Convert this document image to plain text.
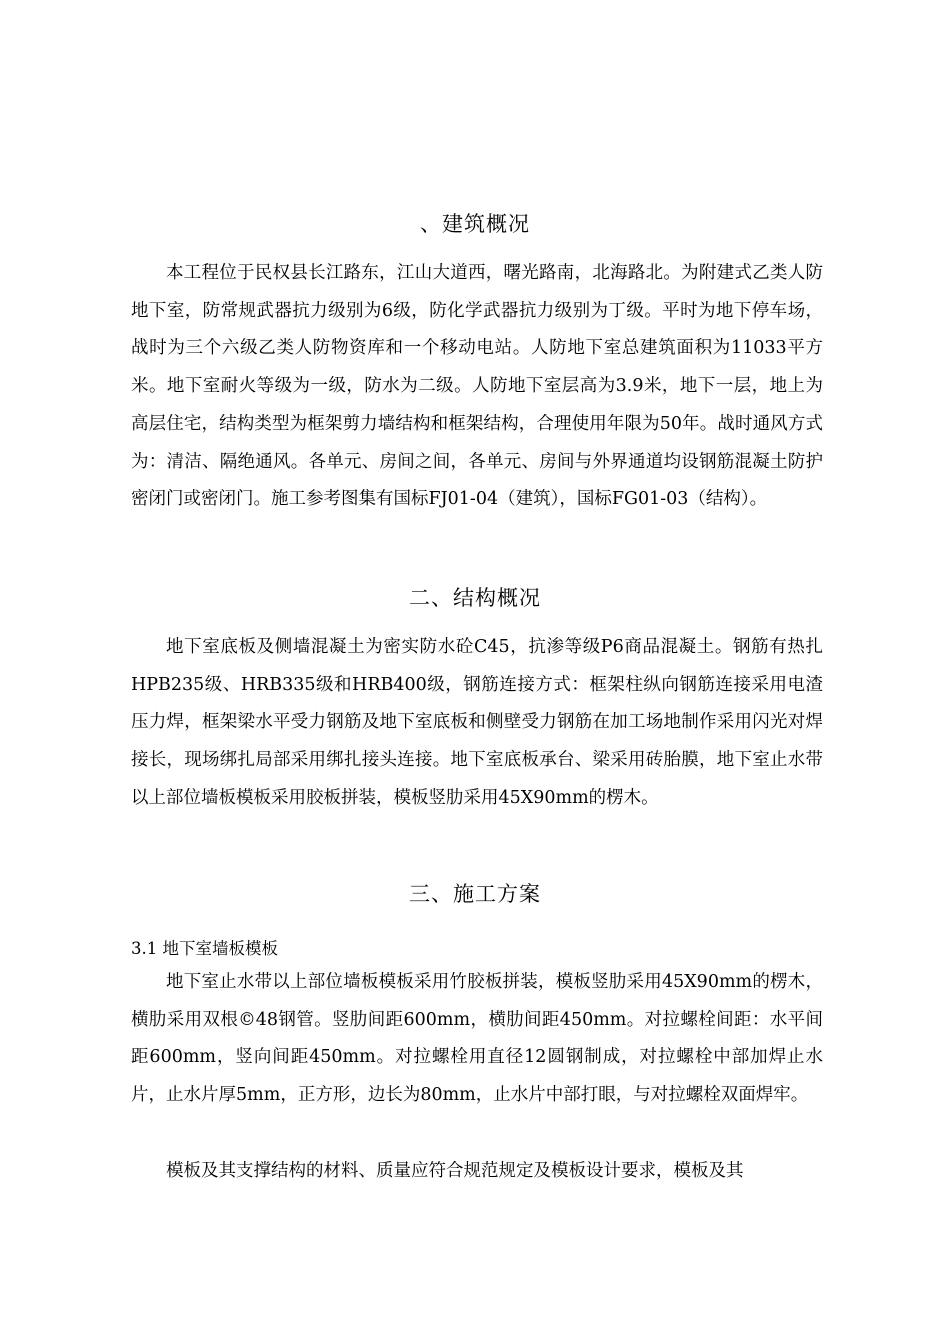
、建筑概况

本工程位于民权县长江路东，江山大道西，曙光路南，北海路北。为附建式乙类人防地下室，防常规武器抗力级别为6级，防化学武器抗力级别为丁级。平时为地下停车场，战时为三个六级乙类人防物资库和一个移动电站。人防地下室总建筑面积为11033平方米。地下室耐火等级为一级，防水为二级。人防地下室层高为3.9米，地下一层，地上为高层住宅，结构类型为框架剪力墙结构和框架结构，合理使用年限为50年。战时通风方式为：清洁、隔绝通风。各单元、房间之间，各单元、房间与外界通道均设钢筋混凝土防护密闭门或密闭门。施工参考图集有国标FJ01-04（建筑），国标FG01-03（结构）。

二、结构概况

地下室底板及侧墙混凝土为密实防水砼C45，抗渗等级P6商品混凝土。钢筋有热扎HPB235级、HRB335级和HRB400级，钢筋连接方式：框架柱纵向钢筋连接采用电渣压力焊，框架梁水平受力钢筋及地下室底板和侧壁受力钢筋在加工场地制作采用闪光对焊接长，现场绑扎局部采用绑扎接头连接。地下室底板承台、梁采用砖胎膜，地下室止水带以上部位墙板模板采用胶板拼装，模板竖肋采用45X90mm的楞木。

三、施工方案
3.1 地下室墙板模板

地下室止水带以上部位墙板模板采用竹胶板拼装，模板竖肋采用45X90mm的楞木，横肋采用双根©48钢管。竖肋间距600mm，横肋间距450mm。对拉螺栓间距：水平间距600mm，竖向间距450mm。对拉螺栓用直径12圆钢制成，对拉螺栓中部加焊止水片，止水片厚5mm，正方形，边长为80mm，止水片中部打眼，与对拉螺栓双面焊牢。

模板及其支撑结构的材料、质量应符合规范规定及模板设计要求，模板及其
